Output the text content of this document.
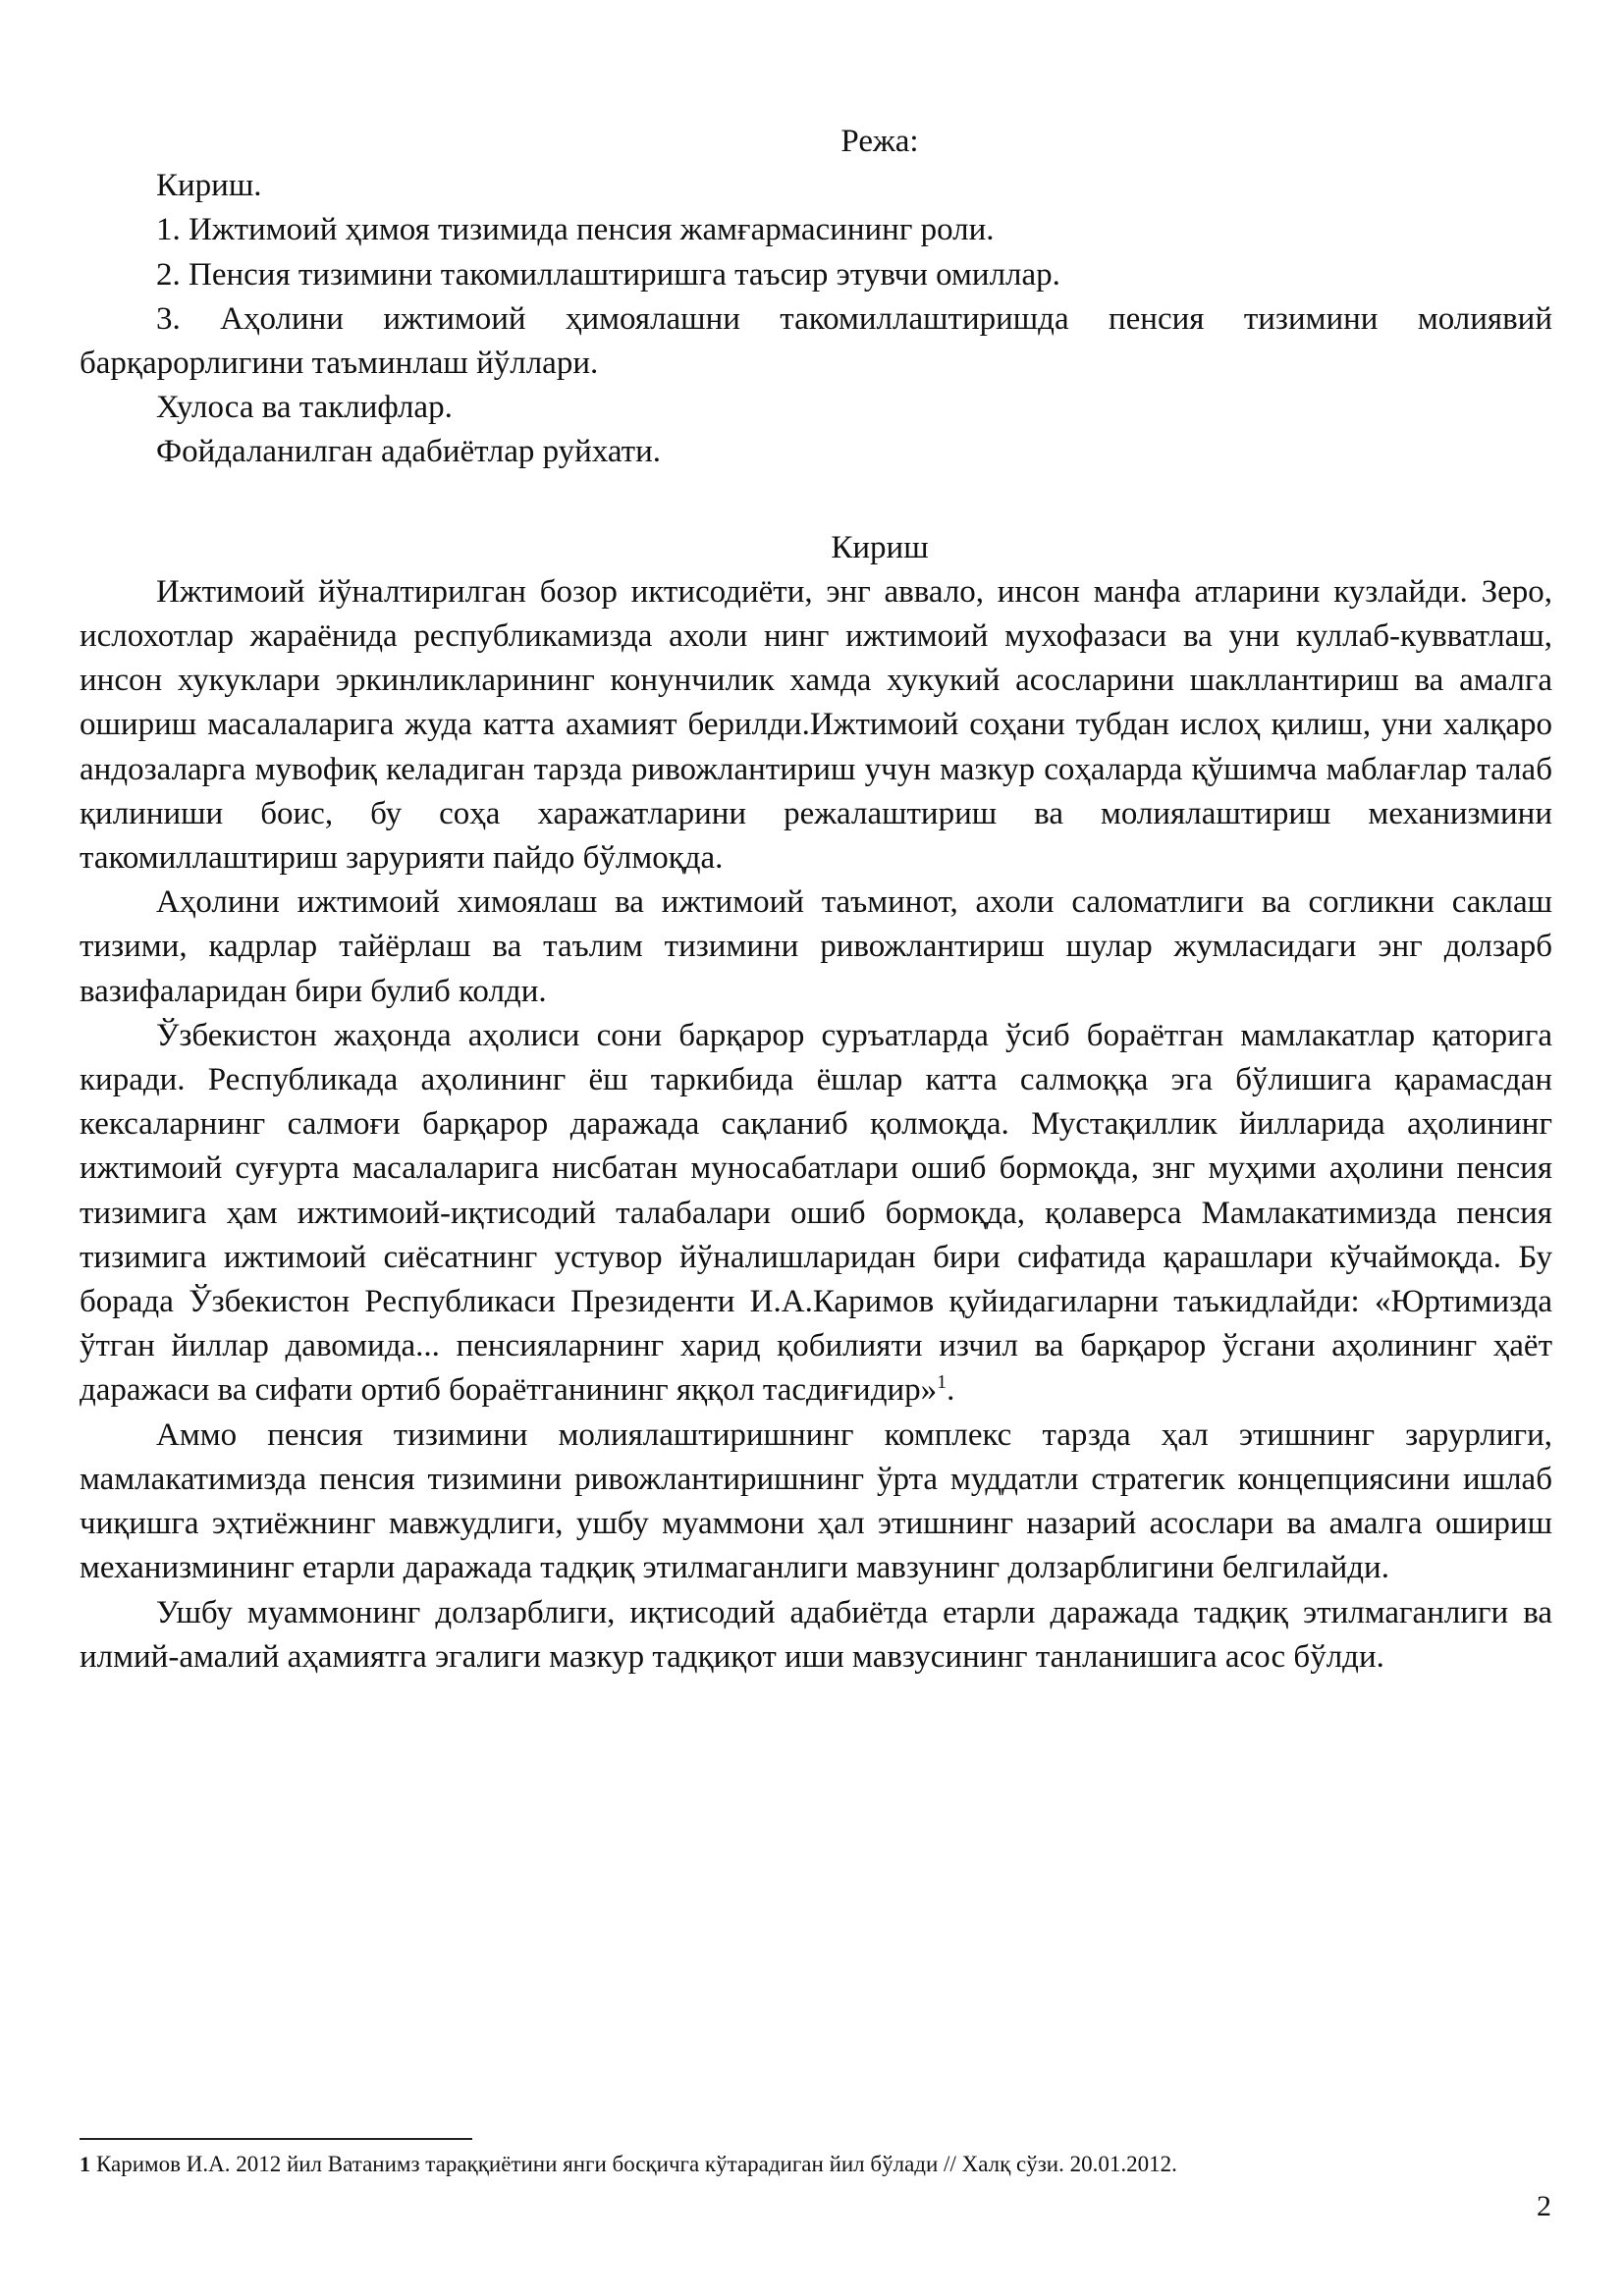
Режа:

Кириш.
1. Ижтимоий ҳимоя тизимида пенсия жамғармасининг роли.
2. Пенсия тизимини такомиллаштиришга таъсир этувчи омиллар.
3. Аҳолини ижтимоий ҳимоялашни такомиллаштиришда пенсия тизимини молиявий барқарорлигини таъминлаш йўллари.
Хулоса ва таклифлар.
Фойдаланилган адабиётлар руйхати.

Кириш

Ижтимоий йўналтирилган бозор иктисодиёти, энг аввало, инсон манфа атларини кузлайди. Зеро, ислохотлар жараёнида республикамизда ахоли нинг ижтимоий мухофазаси ва уни куллаб-кувватлаш, инсон хукуклари эркинликларининг конунчилик хамда хукукий асосларини шакллантириш ва амалга ошириш масалаларига жуда катта ахамият берилди.Ижтимоий соҳани тубдан ислоҳ қилиш, уни халқаро андозаларга мувофиқ келадиган тарзда ривожлантириш учун мазкур соҳаларда қўшимча маблағлар талаб қилиниши боис, бу соҳа харажатларини режалаштириш ва молиялаштириш механизмини такомиллаштириш зарурияти пайдо бўлмоқда.

Аҳолини ижтимоий химоялаш ва ижтимоий таъминот, ахоли саломатлиги ва согликни саклаш тизими, кадрлар тайёрлаш ва таълим тизимини ривожлантириш шулар жумласидаги энг долзарб вазифаларидан бири булиб колди.

Ўзбекистон жаҳонда аҳолиси сони барқарор суръатларда ўсиб бораётган мамлакатлар қаторига киради. Республикада аҳолининг ёш таркибида ёшлар катта салмоққа эга бўлишига қарамасдан кексаларнинг салмоғи барқарор даражада сақланиб қолмоқда. Мустақиллик йилларида аҳолининг ижтимоий суғурта масалаларига нисбатан муносабатлари ошиб бормоқда, знг муҳими аҳолини пенсия тизимига ҳам ижтимоий-иқтисодий талабалари ошиб бормоқда, қолаверса Мамлакатимизда пенсия тизимига ижтимоий сиёсатнинг устувор йўналишларидан бири сифатида қарашлари кўчаймоқда. Бу борада Ўзбекистон Республикаси Президенти И.А.Каримов қуйидагиларни таъкидлайди: «Юртимизда ўтган йиллар давомида... пенсияларнинг харид қобилияти изчил ва барқарор ўсгани аҳолининг ҳаёт даражаси ва сифати ортиб бораётганининг яққол тасдиғидир»$^1$.

Аммо пенсия тизимини молиялаштиришнинг комплекс тарзда ҳал этишнинг зарурлиги, мамлакатимизда пенсия тизимини ривожлантиришнинг ўрта муддатли стратегик концепциясини ишлаб чиқишга эҳтиёжнинг мавжудлиги, ушбу муаммони ҳал этишнинг назарий асослари ва амалга ошириш механизмининг етарли даражада тадқиқ этилмаганлиги мавзунинг долзарблигини белгилайди.

Ушбу муаммонинг долзарблиги, иқтисодий адабиётда етарли даражада тадқиқ этилмаганлиги ва илмий-амалий аҳамиятга эгалиги мазкур тадқиқот иши мавзусининг танланишига асос бўлди.

1 Каримов И.А. 2012 йил Ватанимз тараққиётини янги босқичга кўтарадиган йил бўлади // Халқ сўзи. 20.01.2012.
2
